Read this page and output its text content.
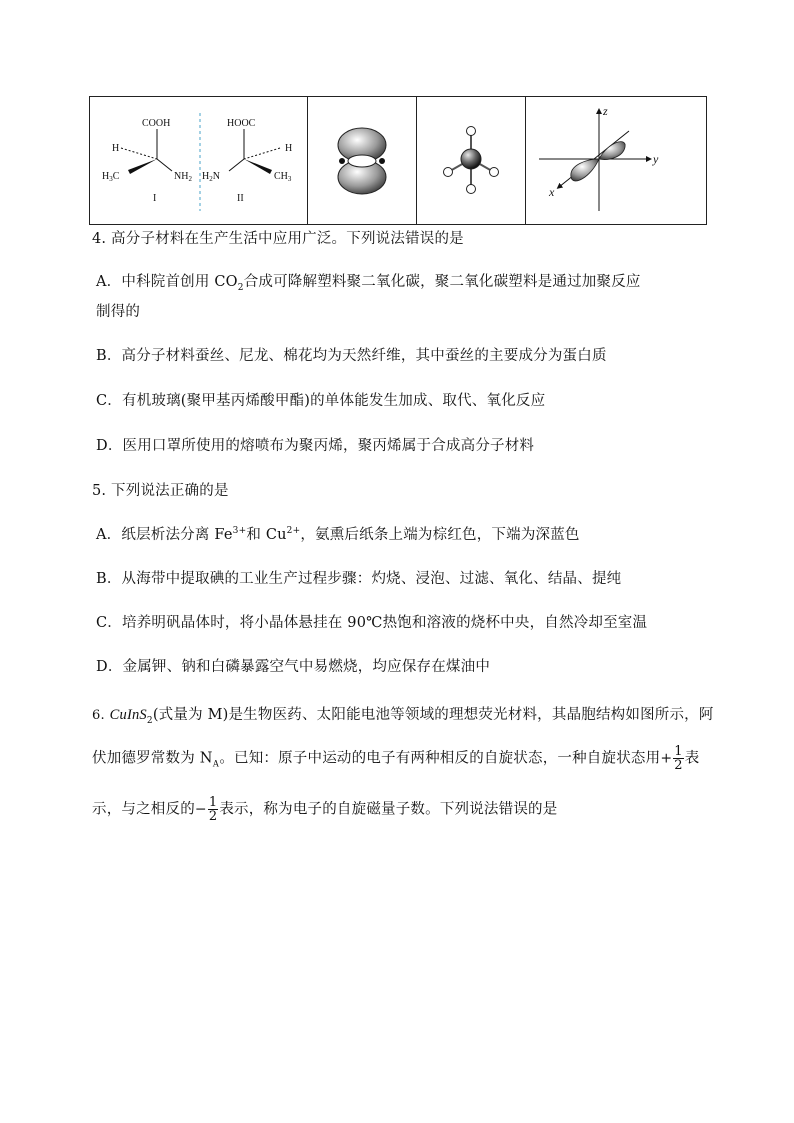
COOH
H
$H_3C$	$NH_2$
I
HOOC
H
$CH_3$
$H_2N$
II

z
y
x
4. 高分子材料在生产生活中应用广泛。下列说法错误的是
A．中科院首创用 $CO_2$合成可降解塑料聚二氧化碳，聚二氧化碳塑料是通过加聚反应
制得的
B．高分子材料蚕丝、尼龙、棉花均为天然纤维，其中蚕丝的主要成分为蛋白质
C．有机玻璃(聚甲基丙烯酸甲酯)的单体能发生加成、取代、氧化反应
D．医用口罩所使用的熔喷布为聚丙烯，聚丙烯属于合成高分子材料
5. 下列说法正确的是
A．纸层析法分离 $Fe^{3+}$和 $Cu^{2+}$，氨熏后纸条上端为棕红色，下端为深蓝色
B．从海带中提取碘的工业生产过程步骤：灼烧、浸泡、过滤、氧化、结晶、提纯
C．培养明矾晶体时，将小晶体悬挂在 90℃热饱和溶液的烧杯中央，自然冷却至室温
D．金属钾、钠和白磷暴露空气中易燃烧，均应保存在煤油中
6. CuInS$_2$(式量为 M)是生物医药、太阳能电池等领域的理想荧光材料，其晶胞结构如图所示，阿
伏加德罗常数为 $N_A$。已知：原子中运动的电子有两种相反的自旋状态，一种自旋状态用+ $\frac{1}{2}$ 表
示，与之相反的− $\frac{1}{2}$ 表示，称为电子的自旋磁量子数。下列说法错误的是
